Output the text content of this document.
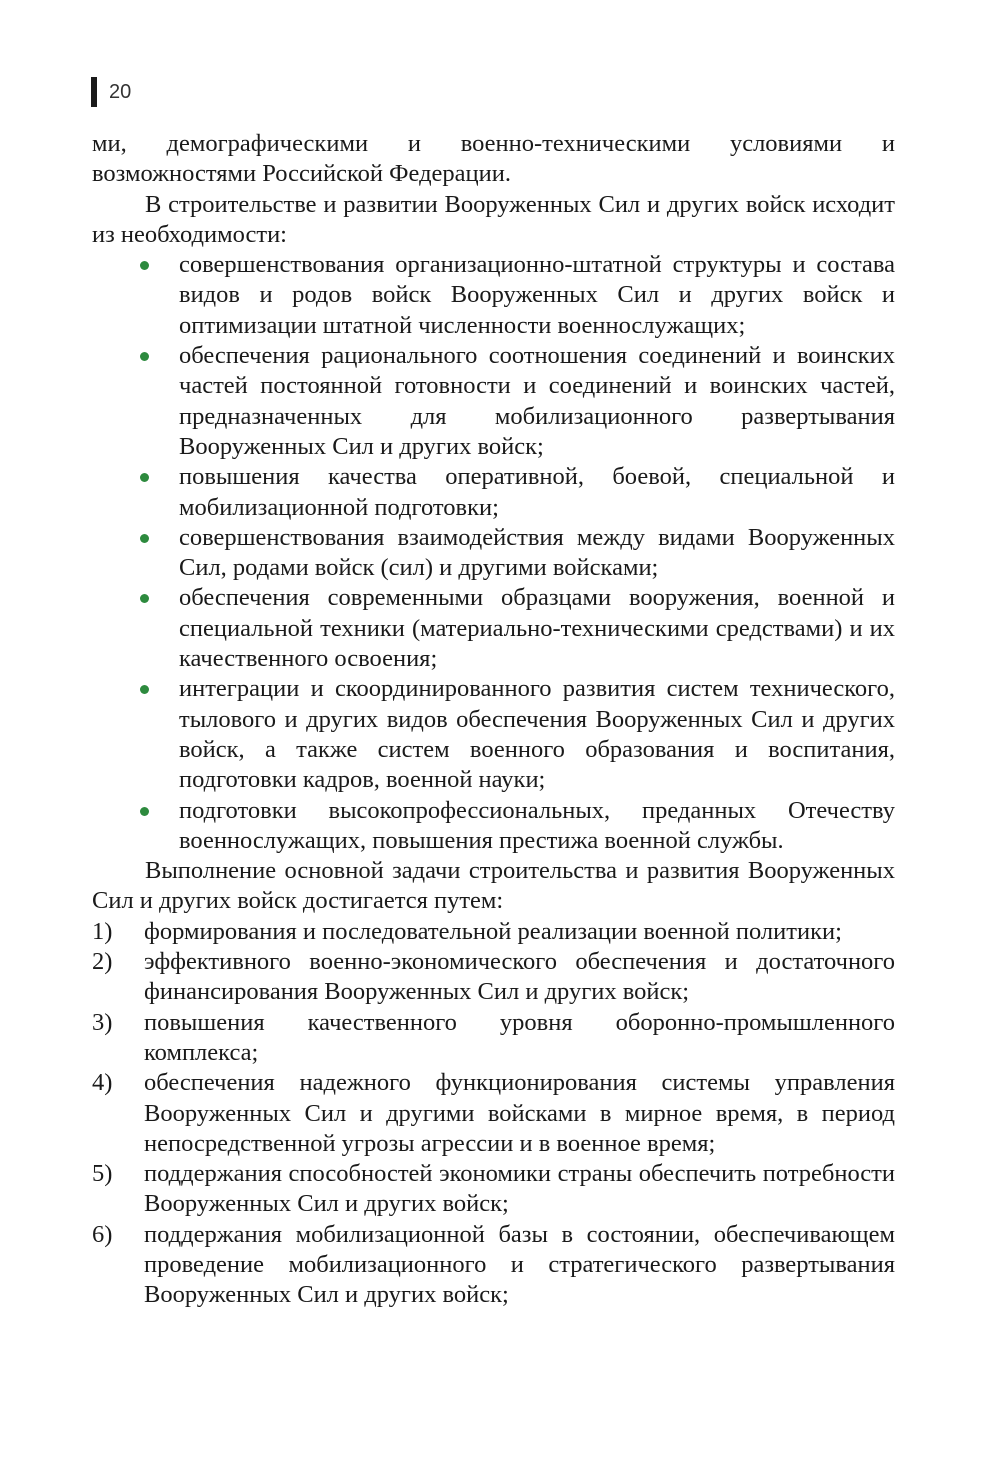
20

ми, демографическими и военно-техническими условиями и возможностями Российской Федерации.

В строительстве и развитии Вооруженных Сил и других войск исходит из необходимости:

совершенствования организационно-штатной структуры и состава видов и родов войск Вооруженных Сил и других войск и оптимизации штатной численности военнослужащих;
обеспечения рационального соотношения соединений и воинских частей постоянной готовности и соединений и воинских частей, предназначенных для мобилизационного развертывания Вооруженных Сил и других войск;
повышения качества оперативной, боевой, специальной и мобилизационной подготовки;
совершенствования взаимодействия между видами Вооруженных Сил, родами войск (сил) и другими войсками;
обеспечения современными образцами вооружения, военной и специальной техники (материально-техническими средствами) и их качественного освоения;
интеграции и скоординированного развития систем технического, тылового и других видов обеспечения Вооруженных Сил и других войск, а также систем военного образования и воспитания, подготовки кадров, военной науки;
подготовки высокопрофессиональных, преданных Отечеству военнослужащих, повышения престижа военной службы.

Выполнение основной задачи строительства и развития Вооруженных Сил и других войск достигается путем:

1) формирования и последовательной реализации военной политики;
2) эффективного военно-экономического обеспечения и достаточного финансирования Вооруженных Сил и других войск;
3) повышения качественного уровня оборонно-промышленного комплекса;
4) обеспечения надежного функционирования системы управления Вооруженных Сил и другими войсками в мирное время, в период непосредственной угрозы агрессии и в военное время;
5) поддержания способностей экономики страны обеспечить потребности Вооруженных Сил и других войск;
6) поддержания мобилизационной базы в состоянии, обеспечивающем проведение мобилизационного и стратегического развертывания Вооруженных Сил и других войск;
